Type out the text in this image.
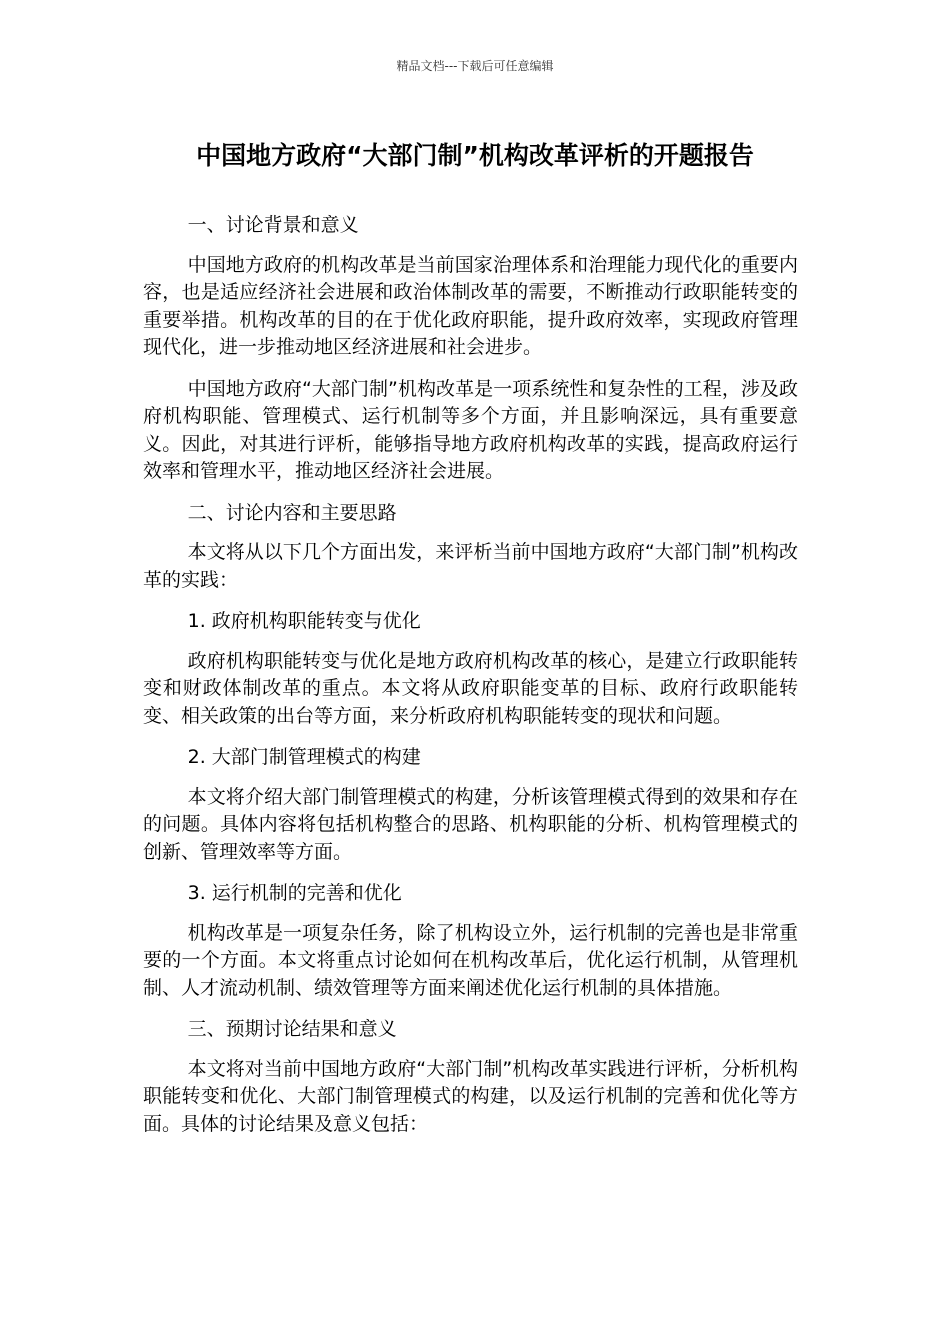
精品文档---下载后可任意编辑
中国地方政府“大部门制”机构改革评析的开题报告

一、讨论背景和意义

中国地方政府的机构改革是当前国家治理体系和治理能力现代化的重要内容，也是适应经济社会进展和政治体制改革的需要，不断推动行政职能转变的重要举措。机构改革的目的在于优化政府职能，提升政府效率，实现政府管理现代化，进一步推动地区经济进展和社会进步。

中国地方政府“大部门制”机构改革是一项系统性和复杂性的工程，涉及政府机构职能、管理模式、运行机制等多个方面，并且影响深远，具有重要意义。因此，对其进行评析，能够指导地方政府机构改革的实践，提高政府运行效率和管理水平，推动地区经济社会进展。

二、讨论内容和主要思路

本文将从以下几个方面出发，来评析当前中国地方政府“大部门制”机构改革的实践：

1. 政府机构职能转变与优化

政府机构职能转变与优化是地方政府机构改革的核心，是建立行政职能转变和财政体制改革的重点。本文将从政府职能变革的目标、政府行政职能转变、相关政策的出台等方面，来分析政府机构职能转变的现状和问题。

2. 大部门制管理模式的构建

本文将介绍大部门制管理模式的构建，分析该管理模式得到的效果和存在的问题。具体内容将包括机构整合的思路、机构职能的分析、机构管理模式的创新、管理效率等方面。

3. 运行机制的完善和优化

机构改革是一项复杂任务，除了机构设立外，运行机制的完善也是非常重要的一个方面。本文将重点讨论如何在机构改革后，优化运行机制，从管理机制、人才流动机制、绩效管理等方面来阐述优化运行机制的具体措施。

三、预期讨论结果和意义

本文将对当前中国地方政府“大部门制”机构改革实践进行评析，分析机构职能转变和优化、大部门制管理模式的构建，以及运行机制的完善和优化等方面。具体的讨论结果及意义包括：
